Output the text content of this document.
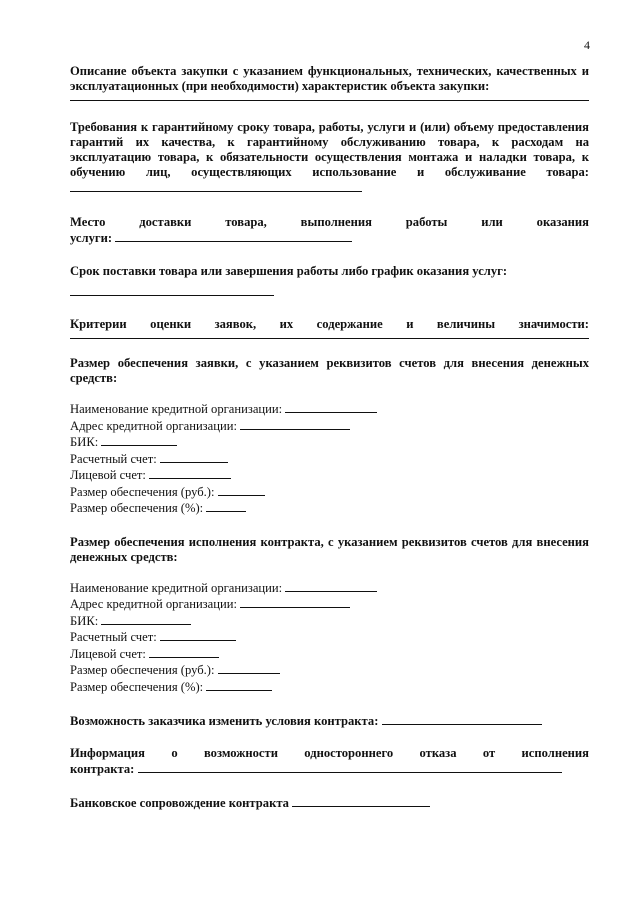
4

Описание объекта закупки с указанием функциональных, технических, качественных и эксплуатационных (при необходимости) характеристик объекта закупки:

Требования к гарантийному сроку товара, работы, услуги и (или) объему предоставления гарантий их качества, к гарантийному обслуживанию товара, к расходам на эксплуатацию товара, к обязательности осуществления монтажа и наладки товара, к обучению лиц, осуществляющих использование и обслуживание товара:

Место доставки товара, выполнения работы или оказания

услуги:

Срок поставки товара или завершения работы либо график оказания услуг:

Критерии оценки заявок, их содержание и величины значимости:

Размер обеспечения заявки, с указанием реквизитов счетов для внесения денежных средств:

Наименование кредитной организации:

Адрес кредитной организации:

БИК:

Расчетный счет:

Лицевой счет:

Размер обеспечения (руб.):

Размер обеспечения (%):

Размер обеспечения исполнения контракта, с указанием реквизитов счетов для внесения денежных средств:

Наименование кредитной организации:

Адрес кредитной организации:

БИК:

Расчетный счет:

Лицевой счет:

Размер обеспечения (руб.):

Размер обеспечения (%):

Возможность заказчика изменить условия контракта:

Информация о возможности одностороннего отказа от исполнения

контракта:

Банковское сопровождение контракта
